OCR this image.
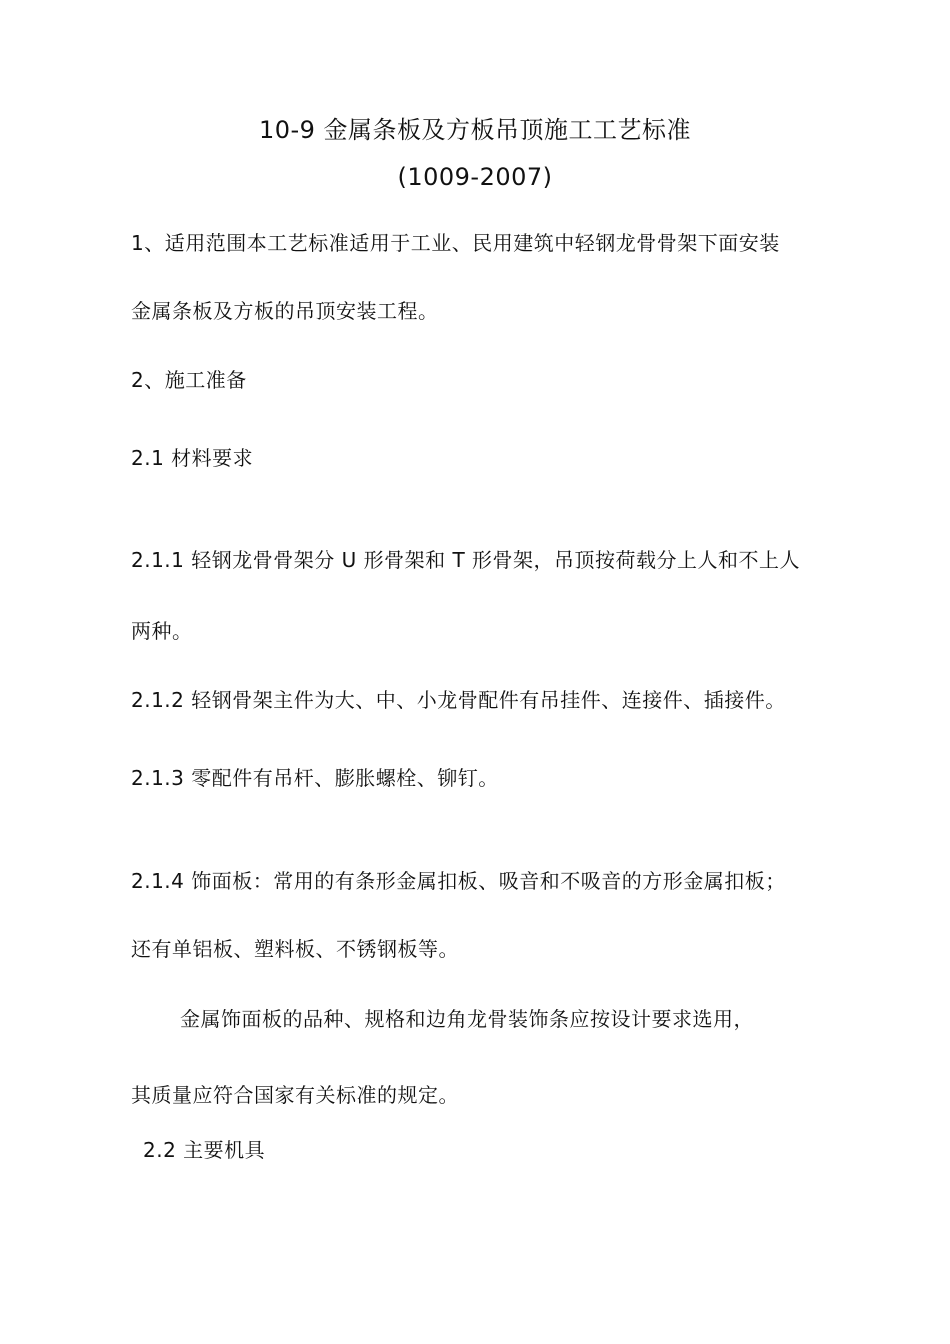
10-9 金属条板及方板吊顶施工工艺标准
(1009-2007)
1、适用范围本工艺标准适用于工业、民用建筑中轻钢龙骨骨架下面安装
金属条板及方板的吊顶安装工程。
2、施工准备
2.1 材料要求
2.1.1 轻钢龙骨骨架分 U 形骨架和 T 形骨架，吊顶按荷载分上人和不上人
两种。
2.1.2 轻钢骨架主件为大、中、小龙骨配件有吊挂件、连接件、插接件。
2.1.3 零配件有吊杆、膨胀螺栓、铆钉。
2.1.4 饰面板：常用的有条形金属扣板、吸音和不吸音的方形金属扣板；
还有单铝板、塑料板、不锈钢板等。
金属饰面板的品种、规格和边角龙骨装饰条应按设计要求选用，
其质量应符合国家有关标准的规定。
2.2 主要机具
